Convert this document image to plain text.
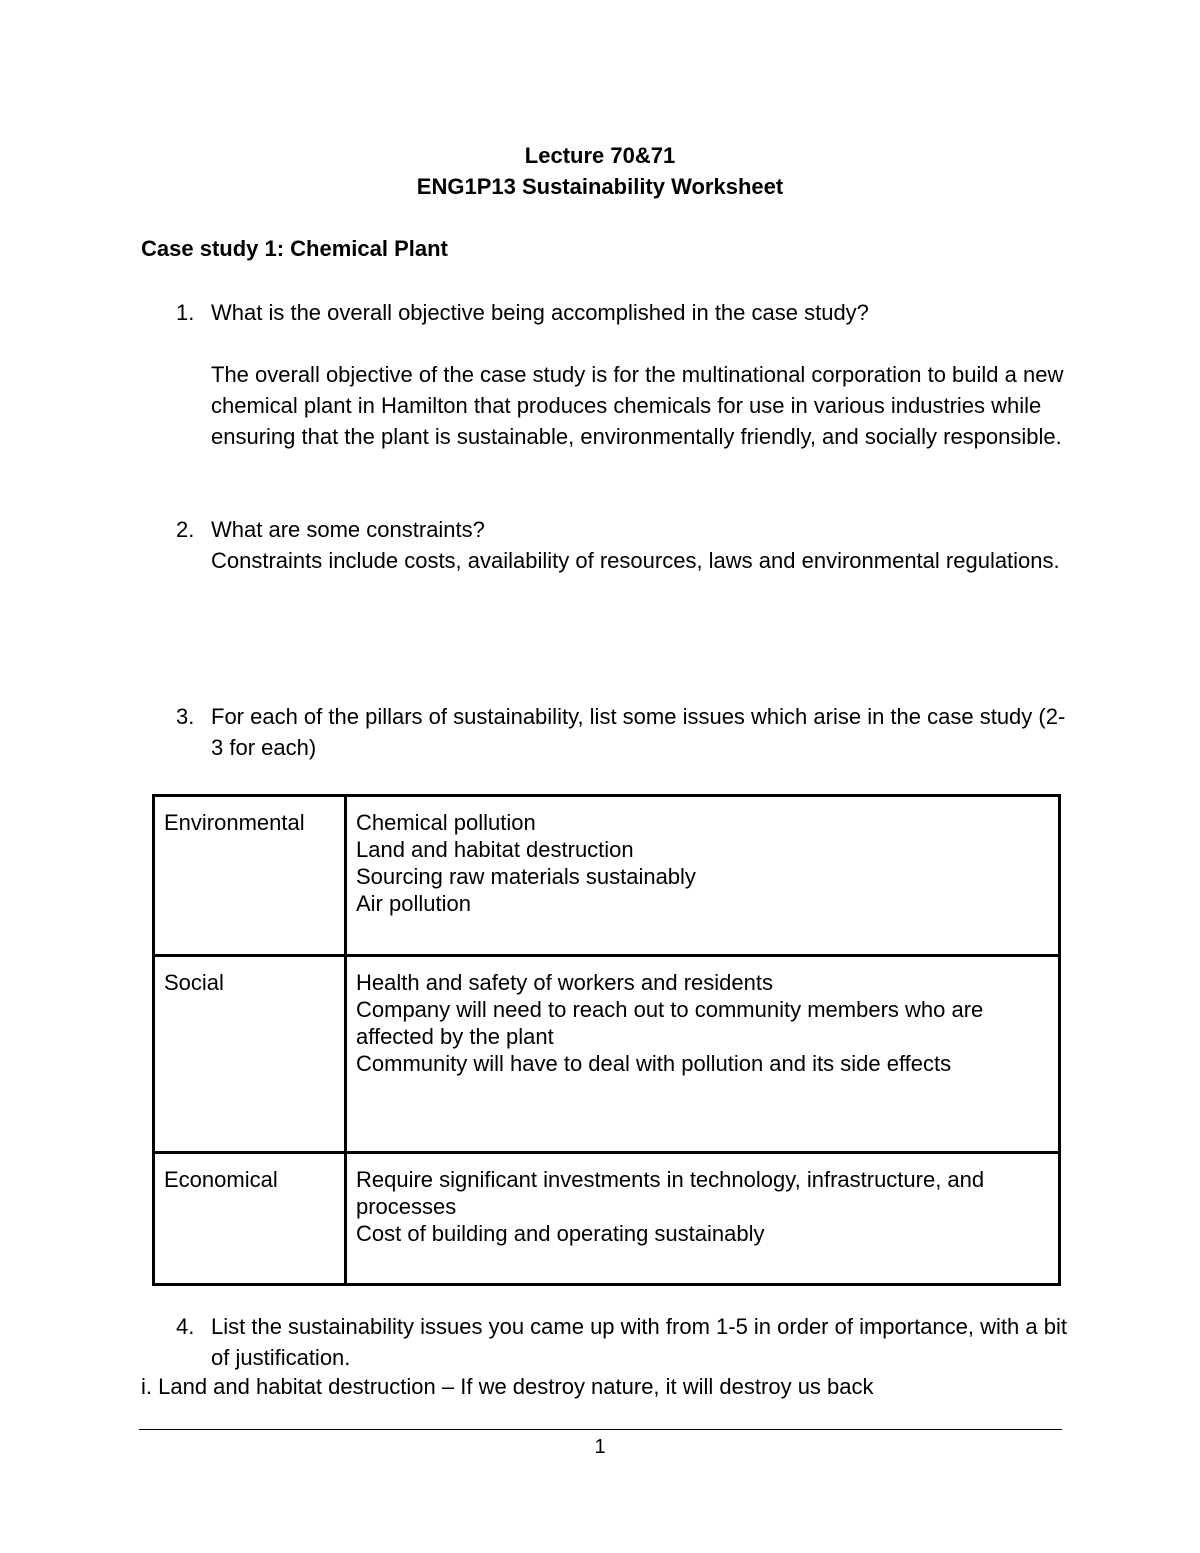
Lecture 70&71
ENG1P13 Sustainability Worksheet
Case study 1: Chemical Plant
1. What is the overall objective being accomplished in the case study?
The overall objective of the case study is for the multinational corporation to build a new chemical plant in Hamilton that produces chemicals for use in various industries while ensuring that the plant is sustainable, environmentally friendly, and socially responsible.
2. What are some constraints?
Constraints include costs, availability of resources, laws and environmental regulations.
3. For each of the pillars of sustainability, list some issues which arise in the case study (2-3 for each)
Environmental	Chemical pollution
Land and habitat destruction
Sourcing raw materials sustainably
Air pollution

Social	Health and safety of workers and residents
Company will need to reach out to community members who are affected by the plant
Community will have to deal with pollution and its side effects

Economical	Require significant investments in technology, infrastructure, and processes
Cost of building and operating sustainably
4. List the sustainability issues you came up with from 1-5 in order of importance, with a bit of justification.
i. Land and habitat destruction – If we destroy nature, it will destroy us back
1
